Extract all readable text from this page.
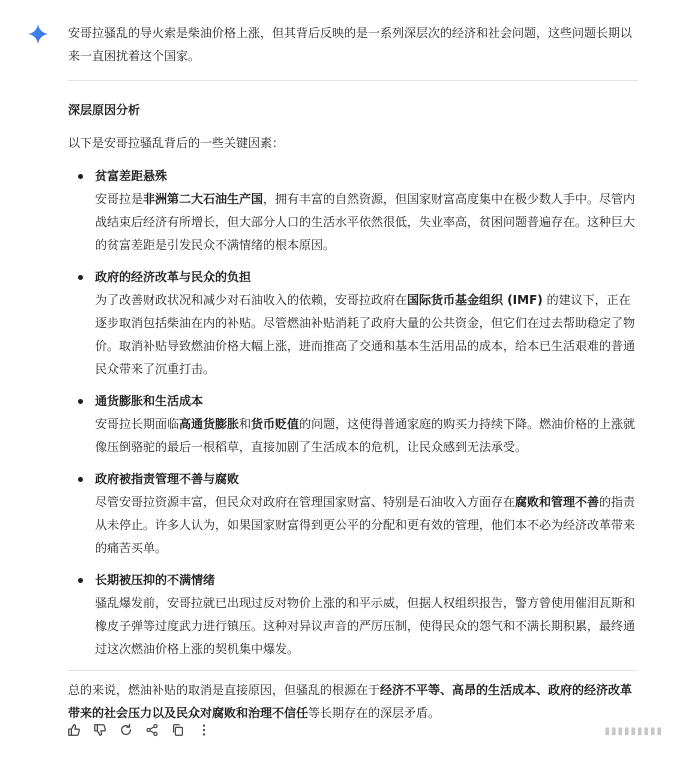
安哥拉骚乱的导火索是柴油价格上涨，但其背后反映的是一系列深层次的经济和社会问题，这些问题长期以来一直困扰着这个国家。

深层原因分析

以下是安哥拉骚乱背后的一些关键因素：

贫富差距悬殊
安哥拉是非洲第二大石油生产国，拥有丰富的自然资源，但国家财富高度集中在极少数人手中。尽管内战结束后经济有所增长，但大部分人口的生活水平依然很低，失业率高，贫困问题普遍存在。这种巨大的贫富差距是引发民众不满情绪的根本原因。
政府的经济改革与民众的负担
为了改善财政状况和减少对石油收入的依赖，安哥拉政府在国际货币基金组织 (IMF) 的建议下，正在逐步取消包括柴油在内的补贴。尽管燃油补贴消耗了政府大量的公共资金，但它们在过去帮助稳定了物价。取消补贴导致燃油价格大幅上涨，进而推高了交通和基本生活用品的成本，给本已生活艰难的普通民众带来了沉重打击。
通货膨胀和生活成本
安哥拉长期面临高通货膨胀和货币贬值的问题，这使得普通家庭的购买力持续下降。燃油价格的上涨就像压倒骆驼的最后一根稻草，直接加剧了生活成本的危机，让民众感到无法承受。
政府被指责管理不善与腐败
尽管安哥拉资源丰富，但民众对政府在管理国家财富、特别是石油收入方面存在腐败和管理不善的指责从未停止。许多人认为，如果国家财富得到更公平的分配和更有效的管理，他们本不必为经济改革带来的痛苦买单。
长期被压抑的不满情绪
骚乱爆发前，安哥拉就已出现过反对物价上涨的和平示威，但据人权组织报告，警方曾使用催泪瓦斯和橡皮子弹等过度武力进行镇压。这种对异议声音的严厉压制，使得民众的怨气和不满长期积累，最终通过这次燃油价格上涨的契机集中爆发。

总的来说，燃油补贴的取消是直接原因，但骚乱的根源在于经济不平等、高昂的生活成本、政府的经济改革带来的社会压力以及民众对腐败和治理不信任等长期存在的深层矛盾。

▮▮▮▮▮▮▮▮▮
